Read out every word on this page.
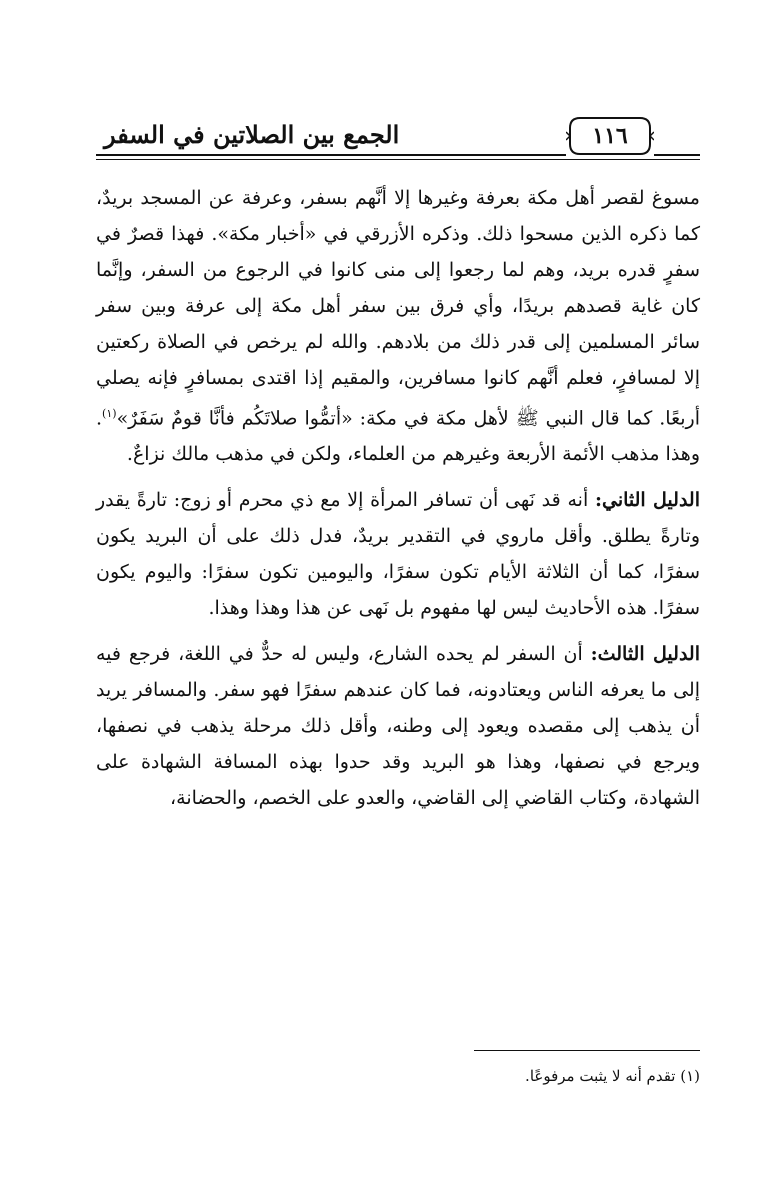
الجمع بين الصلاتين في السفر	١١٦

مسوغ لقصر أهل مكة بعرفة وغيرها إلا أنَّهم بسفر، وعرفة عن المسجد بريدٌ، كما ذكره الذين مسحوا ذلك. وذكره الأزرقي في «أخبار مكة». فهذا قصرٌ في سفرٍ قدره بريد، وهم لما رجعوا إلى منى كانوا في الرجوع من السفر، وإنَّما كان غاية قصدهم بريدًا، وأي فرق بين سفر أهل مكة إلى عرفة وبين سفر سائر المسلمين إلى قدر ذلك من بلادهم. والله لم يرخص في الصلاة ركعتين إلا لمسافرٍ، فعلم أنَّهم كانوا مسافرين، والمقيم إذا اقتدى بمسافرٍ فإنه يصلي أربعًا. كما قال النبي ﷺ لأهل مكة في مكة: «أتمُّوا صلاتَكُم فأنَّا قومٌ سَفَرٌ»$^{(١)}$. وهذا مذهب الأئمة الأربعة وغيرهم من العلماء، ولكن في مذهب مالك نزاعٌ.

الدليل الثاني: أنه قد نَهى أن تسافر المرأة إلا مع ذي محرم أو زوج: تارةً يقدر وتارةً يطلق. وأقل ماروي في التقدير بريدٌ، فدل ذلك على أن البريد يكون سفرًا، كما أن الثلاثة الأيام تكون سفرًا، واليومين تكون سفرًا: واليوم يكون سفرًا. هذه الأحاديث ليس لها مفهوم بل نَهى عن هذا وهذا وهذا.

الدليل الثالث: أن السفر لم يحده الشارع، وليس له حدٌّ في اللغة، فرجع فيه إلى ما يعرفه الناس ويعتادونه، فما كان عندهم سفرًا فهو سفر. والمسافر يريد أن يذهب إلى مقصده ويعود إلى وطنه، وأقل ذلك مرحلة يذهب في نصفها، ويرجع في نصفها، وهذا هو البريد وقد حدوا بهذه المسافة الشهادة على الشهادة، وكتاب القاضي إلى القاضي، والعدو على الخصم، والحضانة،

(١) تقدم أنه لا يثبت مرفوعًا.
